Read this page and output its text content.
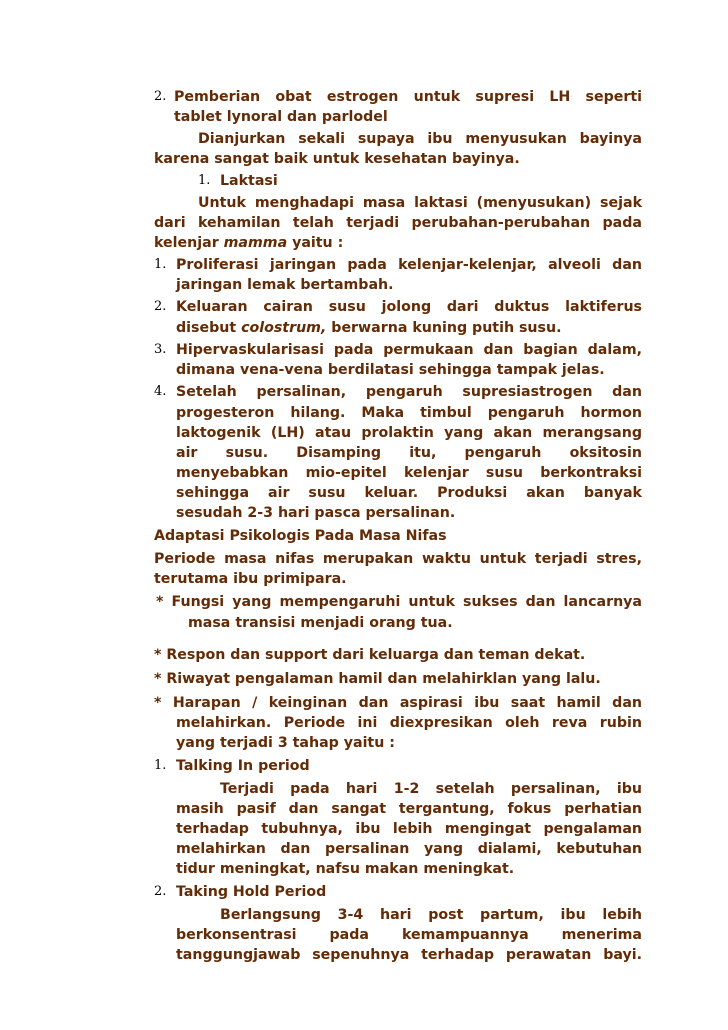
2. Pemberian obat estrogen untuk supresi LH seperti
tablet lynoral dan parlodel
Dianjurkan sekali supaya ibu menyusukan bayinya
karena sangat baik untuk kesehatan bayinya.
1. Laktasi
Untuk menghadapi masa laktasi (menyusukan) sejak
dari kehamilan telah terjadi perubahan-perubahan pada
kelenjar mamma yaitu :
1. Proliferasi jaringan pada kelenjar-kelenjar, alveoli dan
jaringan lemak bertambah.
2. Keluaran cairan susu jolong dari duktus laktiferus
disebut colostrum, berwarna kuning putih susu.
3. Hipervaskularisasi pada permukaan dan bagian dalam,
dimana vena-vena berdilatasi sehingga tampak jelas.
4. Setelah persalinan, pengaruh supresiastrogen dan
progesteron hilang. Maka timbul pengaruh hormon
laktogenik (LH) atau prolaktin yang akan merangsang
air susu. Disamping itu, pengaruh oksitosin
menyebabkan mio-epitel kelenjar susu berkontraksi
sehingga air susu keluar. Produksi akan banyak
sesudah 2-3 hari pasca persalinan.
Adaptasi Psikologis Pada Masa Nifas
Periode masa nifas merupakan waktu untuk terjadi stres,
terutama ibu primipara.
* Fungsi yang mempengaruhi untuk sukses dan lancarnya
masa transisi menjadi orang tua.
* Respon dan support dari keluarga dan teman dekat.
* Riwayat pengalaman hamil dan melahirklan yang lalu.
* Harapan / keinginan dan aspirasi ibu saat hamil dan
melahirkan. Periode ini diexpresikan oleh reva rubin
yang terjadi 3 tahap yaitu :
1. Talking In period
Terjadi pada hari 1-2 setelah persalinan, ibu
masih pasif dan sangat tergantung, fokus perhatian
terhadap tubuhnya, ibu lebih mengingat pengalaman
melahirkan dan persalinan yang dialami, kebutuhan
tidur meningkat, nafsu makan meningkat.
2. Taking Hold Period
Berlangsung 3-4 hari post partum, ibu lebih
berkonsentrasi pada kemampuannya menerima
tanggungjawab sepenuhnya terhadap perawatan bayi.
